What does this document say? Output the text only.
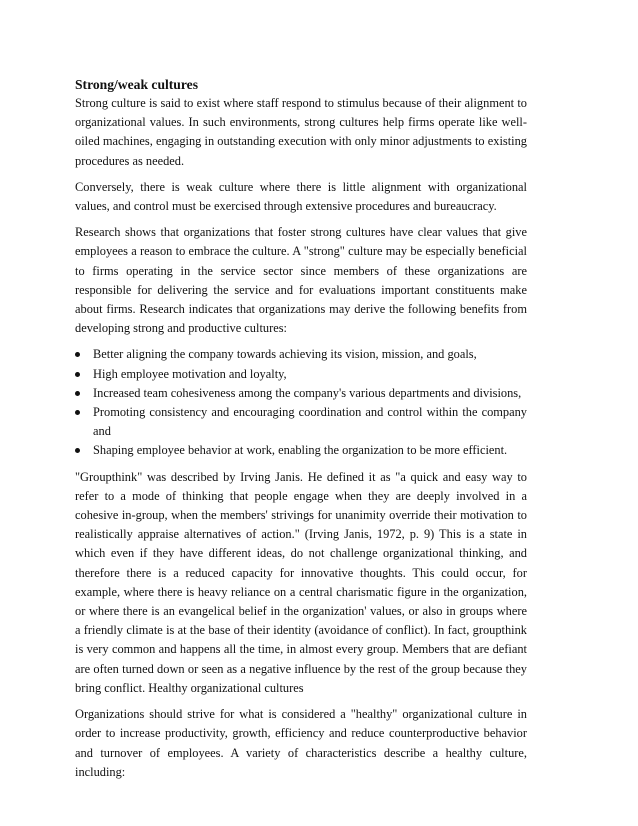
Strong/weak cultures

Strong culture is said to exist where staff respond to stimulus because of their alignment to organizational values. In such environments, strong cultures help firms operate like well-oiled machines, engaging in outstanding execution with only minor adjustments to existing procedures as needed.

Conversely, there is weak culture where there is little alignment with organizational values, and control must be exercised through extensive procedures and bureaucracy.

Research shows that organizations that foster strong cultures have clear values that give employees a reason to embrace the culture. A "strong" culture may be especially beneficial to firms operating in the service sector since members of these organizations are responsible for delivering the service and for evaluations important constituents make about firms. Research indicates that organizations may derive the following benefits from developing strong and productive cultures:

Better aligning the company towards achieving its vision, mission, and goals,
High employee motivation and loyalty,
Increased team cohesiveness among the company's various departments and divisions,
Promoting consistency and encouraging coordination and control within the company and
Shaping employee behavior at work, enabling the organization to be more efficient.

"Groupthink" was described by Irving Janis. He defined it as "a quick and easy way to refer to a mode of thinking that people engage when they are deeply involved in a cohesive in-group, when the members' strivings for unanimity override their motivation to realistically appraise alternatives of action." (Irving Janis, 1972, p. 9) This is a state in which even if they have different ideas, do not challenge organizational thinking, and therefore there is a reduced capacity for innovative thoughts. This could occur, for example, where there is heavy reliance on a central charismatic figure in the organization, or where there is an evangelical belief in the organization' values, or also in groups where a friendly climate is at the base of their identity (avoidance of conflict). In fact, groupthink is very common and happens all the time, in almost every group. Members that are defiant are often turned down or seen as a negative influence by the rest of the group because they bring conflict. Healthy organizational cultures

Organizations should strive for what is considered a "healthy" organizational culture in order to increase productivity, growth, efficiency and reduce counterproductive behavior and turnover of employees. A variety of characteristics describe a healthy culture, including:
